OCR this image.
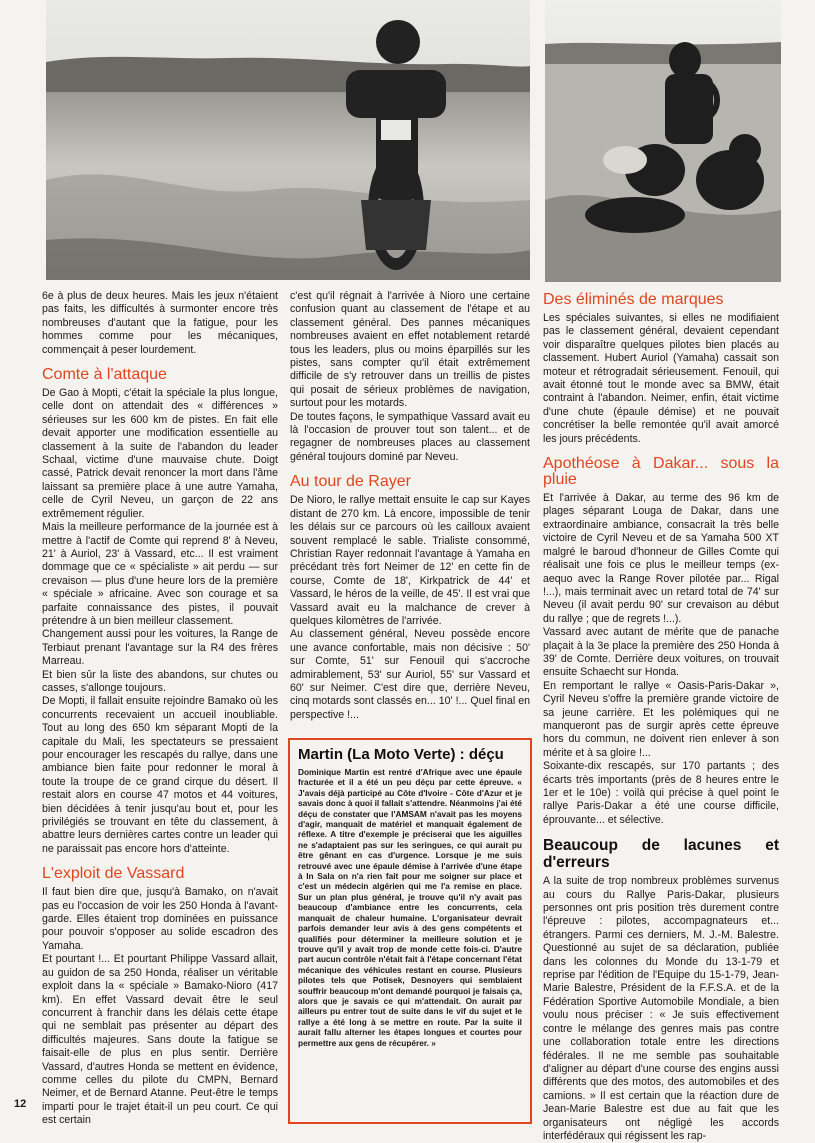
6e à plus de deux heures. Mais les jeux n'étaient pas faits, les difficultés à surmonter encore très nombreuses d'autant que la fatigue, pour les hommes comme pour les mécaniques, commençait à peser lourdement.

Comte à l'attaque

De Gao à Mopti, c'était la spéciale la plus longue, celle dont on attendait des « différences » sérieuses sur les 600 km de pistes. En fait elle devait apporter une modification essentielle au classement à la suite de l'abandon du leader Schaal, victime d'une mauvaise chute. Doigt cassé, Patrick devait renoncer la mort dans l'âme laissant sa première place à une autre Yamaha, celle de Cyril Neveu, un garçon de 22 ans extrêmement régulier.

Mais la meilleure performance de la journée est à mettre à l'actif de Comte qui reprend 8' à Neveu, 21' à Auriol, 23' à Vassard, etc... Il est vraiment dommage que ce « spécialiste » ait perdu — sur crevaison — plus d'une heure lors de la première « spéciale » africaine. Avec son courage et sa parfaite connaissance des pistes, il pouvait prétendre à un bien meilleur classement.

Changement aussi pour les voitures, la Range de Terbiaut prenant l'avantage sur la R4 des frères Marreau.

Et bien sûr la liste des abandons, sur chutes ou casses, s'allonge toujours.

De Mopti, il fallait ensuite rejoindre Bamako où les concurrents recevaient un accueil inoubliable. Tout au long des 650 km séparant Mopti de la capitale du Mali, les spectateurs se pressaient pour encourager les rescapés du rallye, dans une ambiance bien faite pour redonner le moral à toute la troupe de ce grand cirque du désert. Il restait alors en course 47 motos et 44 voitures, bien décidées à tenir jusqu'au bout et, pour les privilégiés se trouvant en tête du classement, à abattre leurs dernières cartes contre un leader qui ne paraissait pas encore hors d'atteinte.

L'exploit de Vassard

Il faut bien dire que, jusqu'à Bamako, on n'avait pas eu l'occasion de voir les 250 Honda à l'avant-garde. Elles étaient trop dominées en puissance pour pouvoir s'opposer au solide escadron des Yamaha.

Et pourtant !... Et pourtant Philippe Vassard allait, au guidon de sa 250 Honda, réaliser un véritable exploit dans la « spéciale » Bamako-Nioro (417 km). En effet Vassard devait être le seul concurrent à franchir dans les délais cette étape qui ne semblait pas présenter au départ des difficultés majeures. Sans doute la fatigue se faisait-elle de plus en plus sentir. Derrière Vassard, d'autres Honda se mettent en évidence, comme celles du pilote du CMPN, Bernard Neimer, et de Bernard Atanne. Peut-être le temps imparti pour le trajet était-il un peu court. Ce qui est certain

c'est qu'il régnait à l'arrivée à Nioro une certaine confusion quant au classement de l'étape et au classement général. Des pannes mécaniques nombreuses avaient en effet notablement retardé tous les leaders, plus ou moins éparpillés sur les pistes, sans compter qu'il était extrêmement difficile de s'y retrouver dans un treillis de pistes qui posait de sérieux problèmes de navigation, surtout pour les motards.

De toutes façons, le sympathique Vassard avait eu là l'occasion de prouver tout son talent... et de regagner de nombreuses places au classement général toujours dominé par Neveu.

Au tour de Rayer

De Nioro, le rallye mettait ensuite le cap sur Kayes distant de 270 km. Là encore, impossible de tenir les délais sur ce parcours où les cailloux avaient souvent remplacé le sable. Trialiste consommé, Christian Rayer redonnait l'avantage à Yamaha en précédant très fort Neimer de 12' en cette fin de course, Comte de 18', Kirkpatrick de 44' et Vassard, le héros de la veille, de 45'. Il est vrai que Vassard avait eu la malchance de crever à quelques kilomètres de l'arrivée.

Au classement général, Neveu possède encore une avance confortable, mais non décisive : 50' sur Comte, 51' sur Fenouil qui s'accroche admirablement, 53' sur Auriol, 55' sur Vassard et 60' sur Neimer. C'est dire que, derrière Neveu, cinq motards sont classés en... 10' !... Quel final en perspective !...

Martin (La Moto Verte) : déçu

Dominique Martin est rentré d'Afrique avec une épaule fracturée et il a été un peu déçu par cette épreuve. « J'avais déjà participé au Côte d'Ivoire - Côte d'Azur et je savais donc à quoi il fallait s'attendre. Néanmoins j'ai été déçu de constater que l'AMSAM n'avait pas les moyens d'agir, manquait de matériel et manquait également de réflexe. A titre d'exemple je préciserai que les aiguilles ne s'adaptaient pas sur les seringues, ce qui aurait pu être gênant en cas d'urgence. Lorsque je me suis retrouvé avec une épaule démise à l'arrivée d'une étape à In Sala on n'a rien fait pour me soigner sur place et c'est un médecin algérien qui me l'a remise en place. Sur un plan plus général, je trouve qu'il n'y avait pas beaucoup d'ambiance entre les concurrents, cela manquait de chaleur humaine. L'organisateur devrait parfois demander leur avis à des gens compétents et qualifiés pour déterminer la meilleure solution et je trouve qu'il y avait trop de monde cette fois-ci. D'autre part aucun contrôle n'était fait à l'étape concernant l'état mécanique des véhicules restant en course. Plusieurs pilotes tels que Potisek, Desnoyers qui semblaient souffrir beaucoup m'ont demandé pourquoi je faisais ça, alors que je savais ce qui m'attendait. On aurait par ailleurs pu entrer tout de suite dans le vif du sujet et le rallye a été long à se mettre en route. Par la suite il aurait fallu alterner les étapes longues et courtes pour permettre aux gens de récupérer. »

Des éliminés de marques

Les spéciales suivantes, si elles ne modifiaient pas le classement général, devaient cependant voir disparaître quelques pilotes bien placés au classement. Hubert Auriol (Yamaha) cassait son moteur et rétrogradait sérieusement. Fenouil, qui avait étonné tout le monde avec sa BMW, était contraint à l'abandon. Neimer, enfin, était victime d'une chute (épaule démise) et ne pouvait concrétiser la belle remontée qu'il avait amorcé les jours précédents.

Apothéose à Dakar... sous la pluie

Et l'arrivée à Dakar, au terme des 96 km de plages séparant Louga de Dakar, dans une extraordinaire ambiance, consacrait la très belle victoire de Cyril Neveu et de sa Yamaha 500 XT malgré le baroud d'honneur de Gilles Comte qui réalisait une fois ce plus le meilleur temps (ex-aequo avec la Range Rover pilotée par... Rigal !...), mais terminait avec un retard total de 74' sur Neveu (il avait perdu 90' sur crevaison au début du rallye ; que de regrets !...).

Vassard avec autant de mérite que de panache plaçait à la 3e place la première des 250 Honda à 39' de Comte. Derrière deux voitures, on trouvait ensuite Schaecht sur Honda.

En remportant le rallye « Oasis-Paris-Dakar », Cyril Neveu s'offre la première grande victoire de sa jeune carrière. Et les polémiques qui ne manqueront pas de surgir après cette épreuve hors du commun, ne doivent rien enlever à son mérite et à sa gloire !...

Soixante-dix rescapés, sur 170 partants ; des écarts très importants (près de 8 heures entre le 1er et le 10e) : voilà qui précise à quel point le rallye Paris-Dakar a été une course difficile, éprouvante... et sélective.

Beaucoup de lacunes et d'erreurs

A la suite de trop nombreux problèmes survenus au cours du Rallye Paris-Dakar, plusieurs personnes ont pris position très durement contre l'épreuve : pilotes, accompagnateurs et... étrangers. Parmi ces derniers, M. J.-M. Balestre. Questionné au sujet de sa déclaration, publiée dans les colonnes du Monde du 13-1-79 et reprise par l'édition de l'Equipe du 15-1-79, Jean-Marie Balestre, Président de la F.F.S.A. et de la Fédération Sportive Automobile Mondiale, a bien voulu nous préciser : « Je suis effectivement contre le mélange des genres mais pas contre une collaboration totale entre les directions fédérales. Il ne me semble pas souhaitable d'aligner au départ d'une course des engins aussi différents que des motos, des automobiles et des camions. » Il est certain que la réaction dure de Jean-Marie Balestre est due au fait que les organisateurs ont négligé les accords interfédéraux qui régissent les rap-

12
